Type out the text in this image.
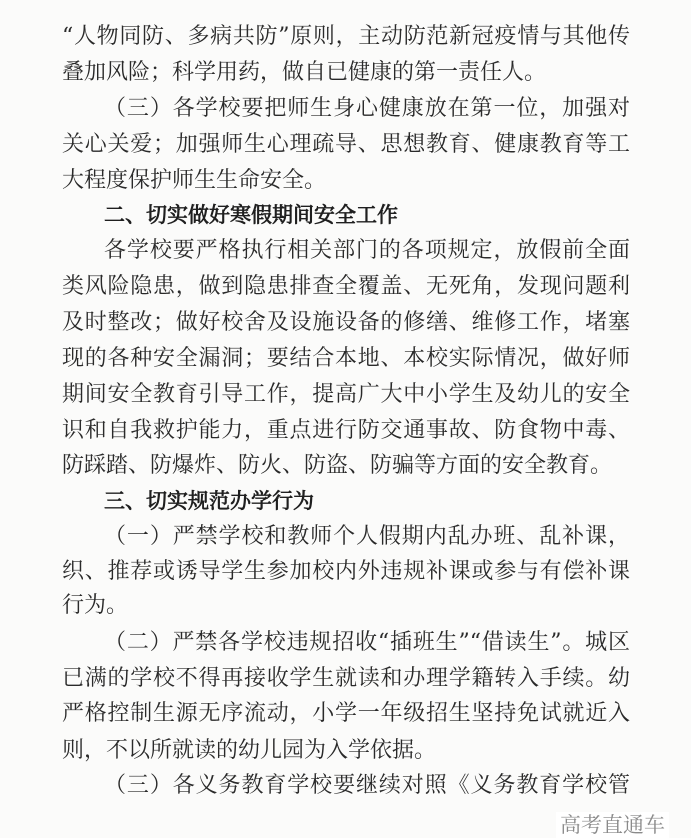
“人物同防、多病共防”原则，主动防范新冠疫情与其他传
叠加风险；科学用药，做自已健康的第一责任人。
（三）各学校要把师生身心健康放在第一位，加强对
关心关爱；加强师生心理疏导、思想教育、健康教育等工
大程度保护师生生命安全。
二、切实做好寒假期间安全工作
各学校要严格执行相关部门的各项规定，放假前全面
类风险隐患，做到隐患排查全覆盖、无死角，发现问题利
及时整改；做好校舍及设施设备的修缮、维修工作，堵塞
现的各种安全漏洞；要结合本地、本校实际情况，做好师
期间安全教育引导工作，提高广大中小学生及幼儿的安全
识和自我救护能力，重点进行防交通事故、防食物中毒、
防踩踏、防爆炸、防火、防盗、防骗等方面的安全教育。
三、切实规范办学行为
（一）严禁学校和教师个人假期内乱办班、乱补课，
织、推荐或诱导学生参加校内外违规补课或参与有偿补课
行为。
（二）严禁各学校违规招收“插班生”“借读生”。城区
已满的学校不得再接收学生就读和办理学籍转入手续。幼
严格控制生源无序流动，小学一年级招生坚持免试就近入
则，不以所就读的幼儿园为入学依据。
（三）各义务教育学校要继续对照《义务教育学校管
高考直通车
